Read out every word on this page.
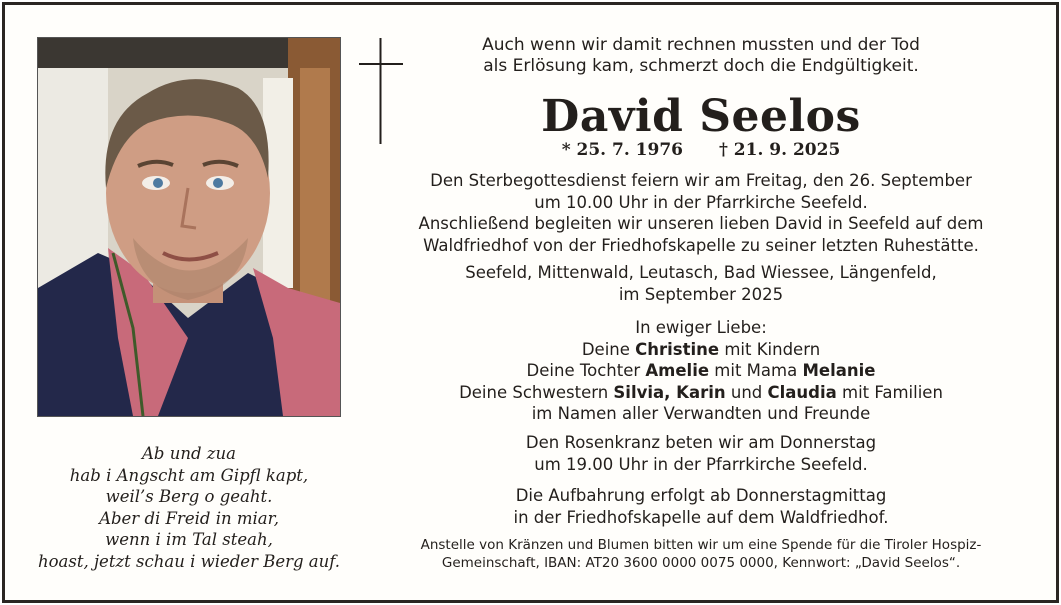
Auch wenn wir damit rechnen mussten und der Tod
als Erlösung kam, schmerzt doch die Endgültigkeit.
David Seelos
* 25. 7. 1976 † 21. 9. 2025
Den Sterbegottesdienst feiern wir am Freitag, den 26. September
um 10.00 Uhr in der Pfarrkirche Seefeld.
Anschließend begleiten wir unseren lieben David in Seefeld auf dem
Waldfriedhof von der Friedhofskapelle zu seiner letzten Ruhestätte.
Seefeld, Mittenwald, Leutasch, Bad Wiessee, Längenfeld,
im September 2025
In ewiger Liebe:
Deine Christine mit Kindern
Deine Tochter Amelie mit Mama Melanie
Deine Schwestern Silvia, Karin und Claudia mit Familien
im Namen aller Verwandten und Freunde
Den Rosenkranz beten wir am Donnerstag
um 19.00 Uhr in der Pfarrkirche Seefeld.
Die Aufbahrung erfolgt ab Donnerstagmittag
in der Friedhofskapelle auf dem Waldfriedhof.
Anstelle von Kränzen und Blumen bitten wir um eine Spende für die Tiroler Hospiz-
Gemeinschaft, IBAN: AT20 3600 0000 0075 0000, Kennwort: „David Seelos“.
Ab und zua
hab i Angscht am Gipfl kapt,
weil’s Berg o geaht.
Aber di Freid in miar,
wenn i im Tal steah,
hoast, jetzt schau i wieder Berg auf.
